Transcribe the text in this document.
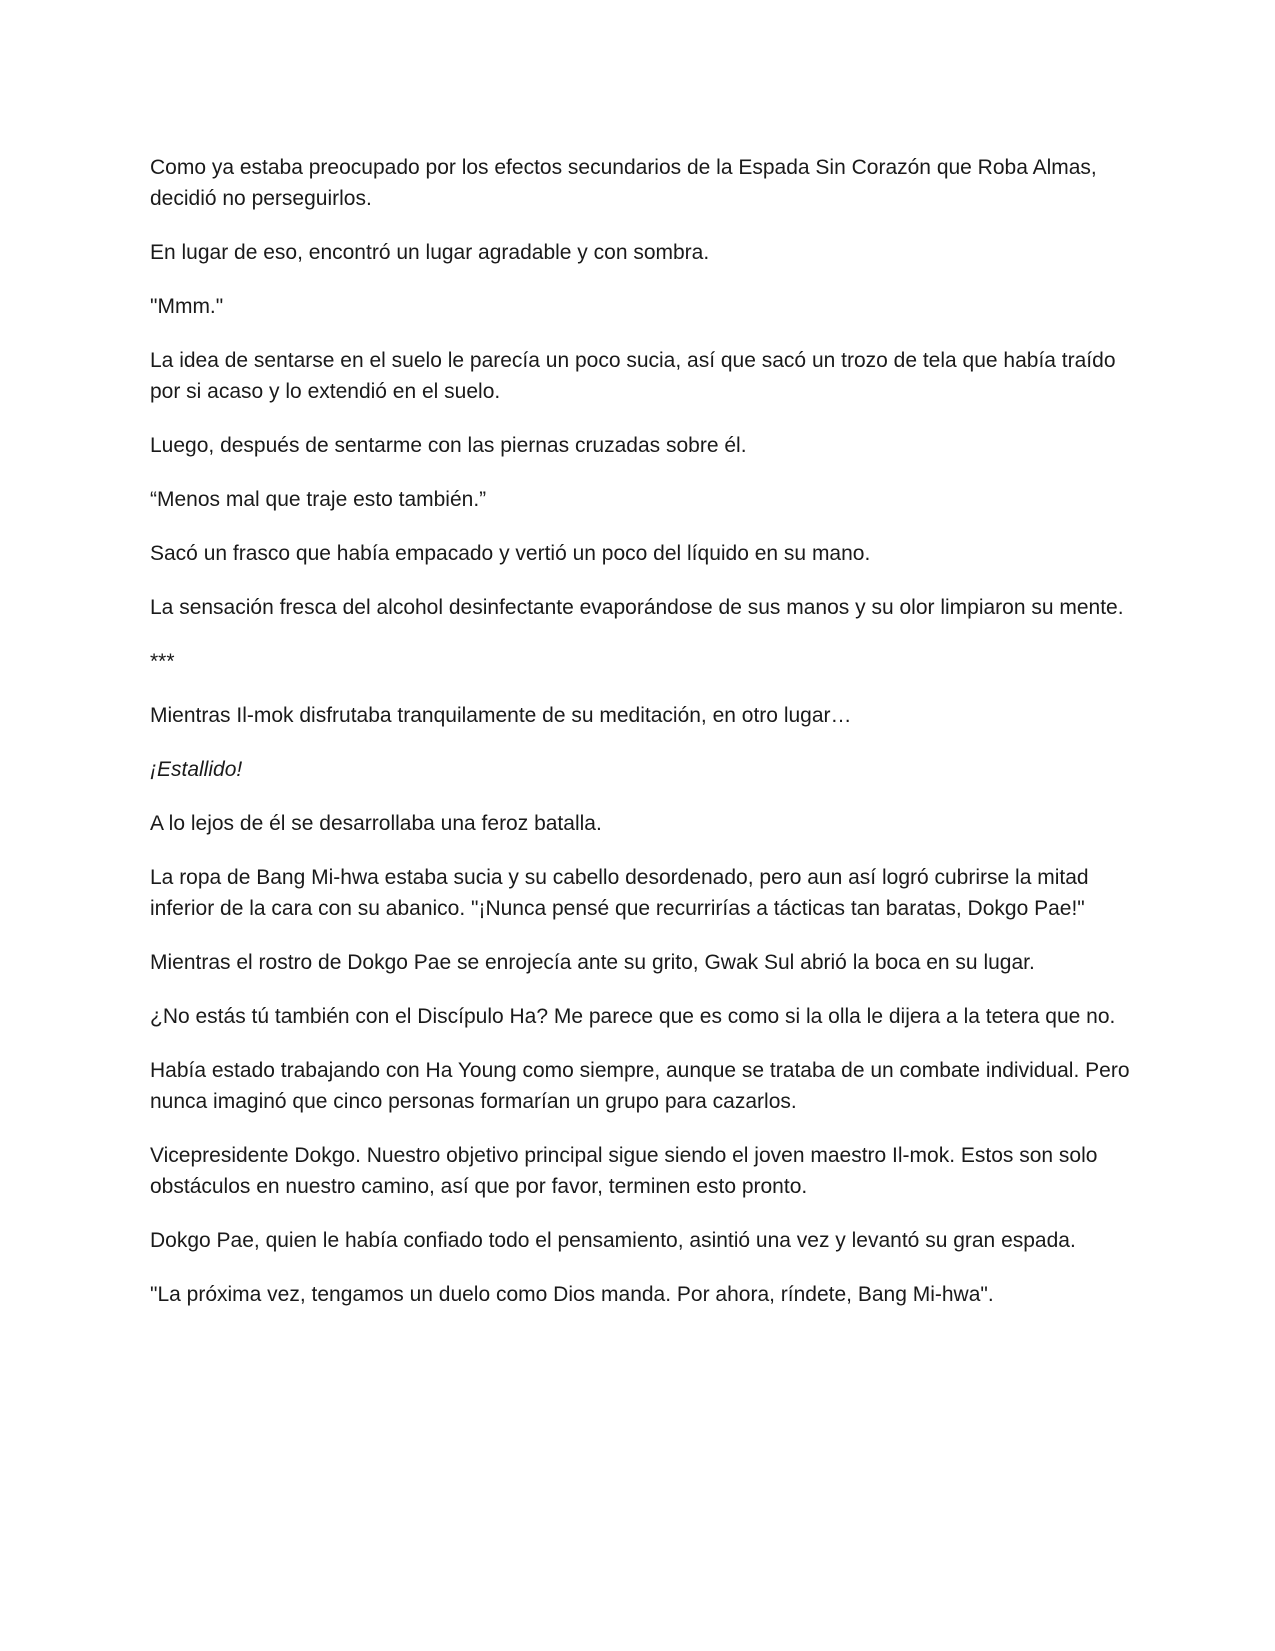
Como ya estaba preocupado por los efectos secundarios de la Espada Sin Corazón que Roba Almas, decidió no perseguirlos.

En lugar de eso, encontró un lugar agradable y con sombra.

"Mmm."

La idea de sentarse en el suelo le parecía un poco sucia, así que sacó un trozo de tela que había traído por si acaso y lo extendió en el suelo.

Luego, después de sentarme con las piernas cruzadas sobre él.

“Menos mal que traje esto también.”

Sacó un frasco que había empacado y vertió un poco del líquido en su mano.

La sensación fresca del alcohol desinfectante evaporándose de sus manos y su olor limpiaron su mente.

***

Mientras Il-mok disfrutaba tranquilamente de su meditación, en otro lugar…

¡Estallido!

A lo lejos de él se desarrollaba una feroz batalla.

La ropa de Bang Mi-hwa estaba sucia y su cabello desordenado, pero aun así logró cubrirse la mitad inferior de la cara con su abanico. "¡Nunca pensé que recurrirías a tácticas tan baratas, Dokgo Pae!"

Mientras el rostro de Dokgo Pae se enrojecía ante su grito, Gwak Sul abrió la boca en su lugar.

¿No estás tú también con el Discípulo Ha? Me parece que es como si la olla le dijera a la tetera que no.

Había estado trabajando con Ha Young como siempre, aunque se trataba de un combate individual. Pero nunca imaginó que cinco personas formarían un grupo para cazarlos.

Vicepresidente Dokgo. Nuestro objetivo principal sigue siendo el joven maestro Il-mok. Estos son solo obstáculos en nuestro camino, así que por favor, terminen esto pronto.

Dokgo Pae, quien le había confiado todo el pensamiento, asintió una vez y levantó su gran espada.

"La próxima vez, tengamos un duelo como Dios manda. Por ahora, ríndete, Bang Mi-hwa".
